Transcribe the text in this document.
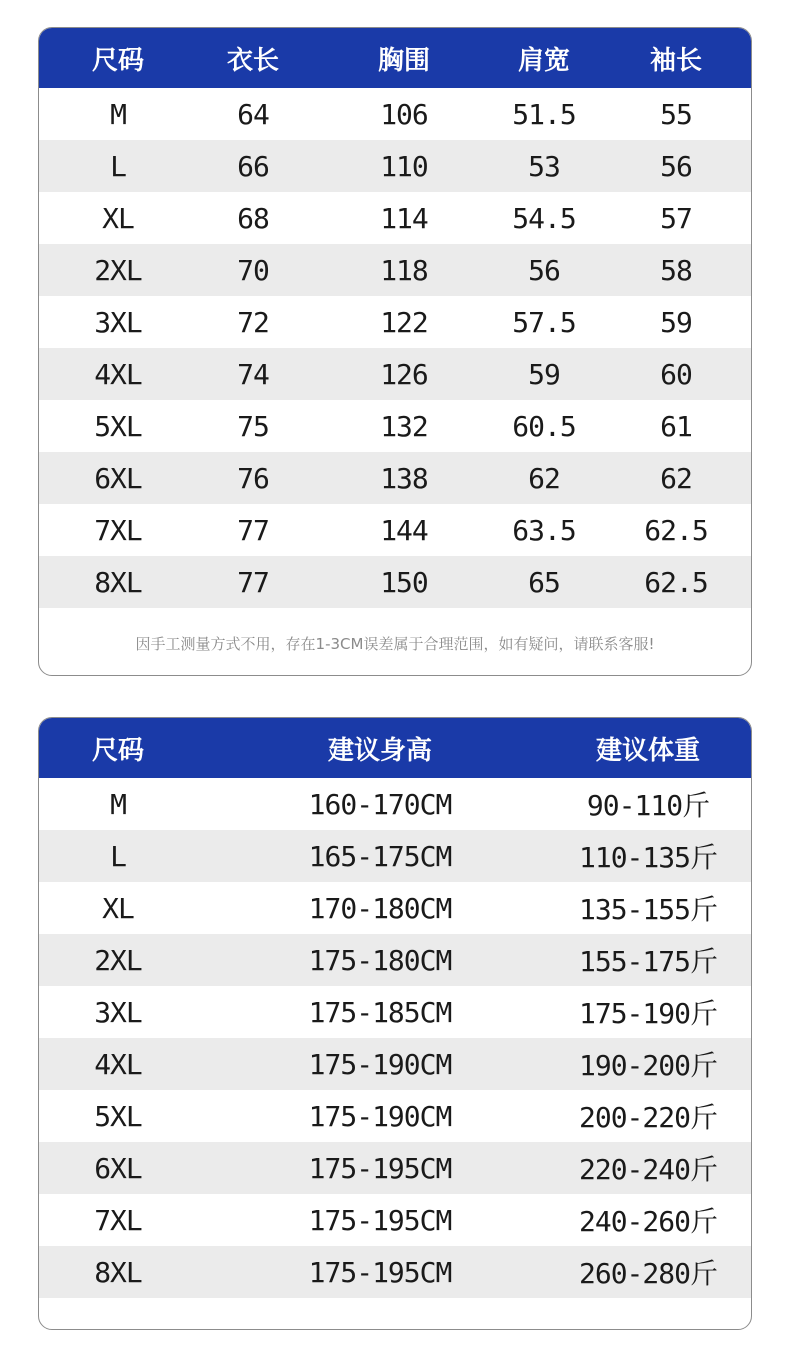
尺码	衣长	胸围	肩宽	袖长
M	64	106	51.5	55
L	66	110	53	56
XL	68	114	54.5	57
2XL	70	118	56	58
3XL	72	122	57.5	59
4XL	74	126	59	60
5XL	75	132	60.5	61
6XL	76	138	62	62
7XL	77	144	63.5	62.5
8XL	77	150	65	62.5
因手工测量方式不用，存在1-3CM误差属于合理范围，如有疑问，请联系客服!
尺码	建议身高	建议体重
M	160-170CM	90-110斤
L	165-175CM	110-135斤
XL	170-180CM	135-155斤
2XL	175-180CM	155-175斤
3XL	175-185CM	175-190斤
4XL	175-190CM	190-200斤
5XL	175-190CM	200-220斤
6XL	175-195CM	220-240斤
7XL	175-195CM	240-260斤
8XL	175-195CM	260-280斤
